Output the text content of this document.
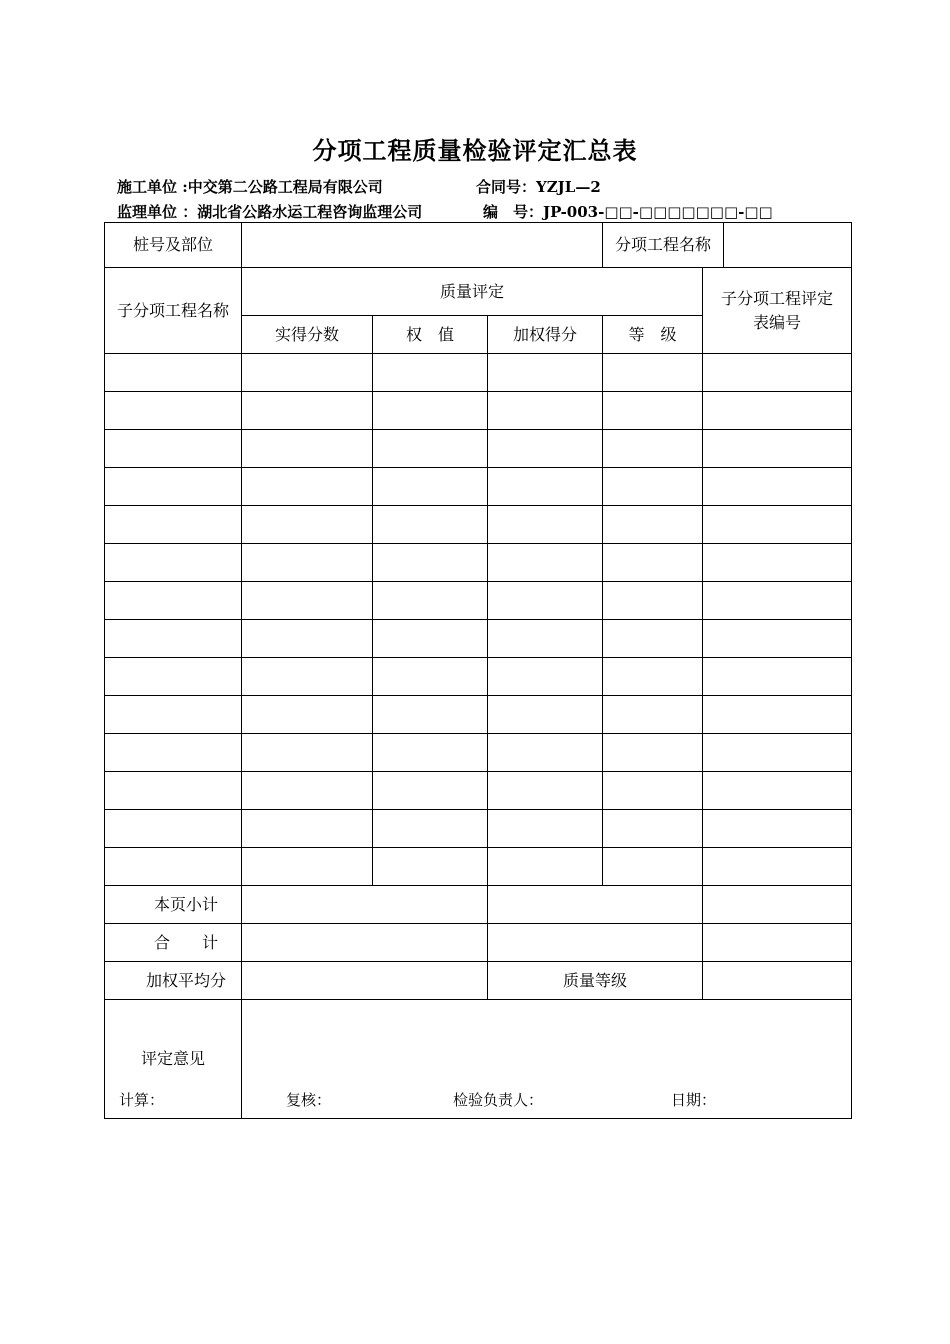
分项工程质量检验评定汇总表
施工单位 :中交第二公路工程局有限公司	合同号：YZJL—2
监理单位 ：湖北省公路水运工程咨询监理公司	编　号：JP-003-□□-□□□□□□□-□□
桩号及部位				分项工程名称	

子分项工程名称	质量评定				子分项工程评定表编号
	实得分数	权　值	加权得分	等　级	

本页小计					
合　　计					
加权平均分			质量等级		
评定意见					
计算：	复核：	检验负责人：	日期：
